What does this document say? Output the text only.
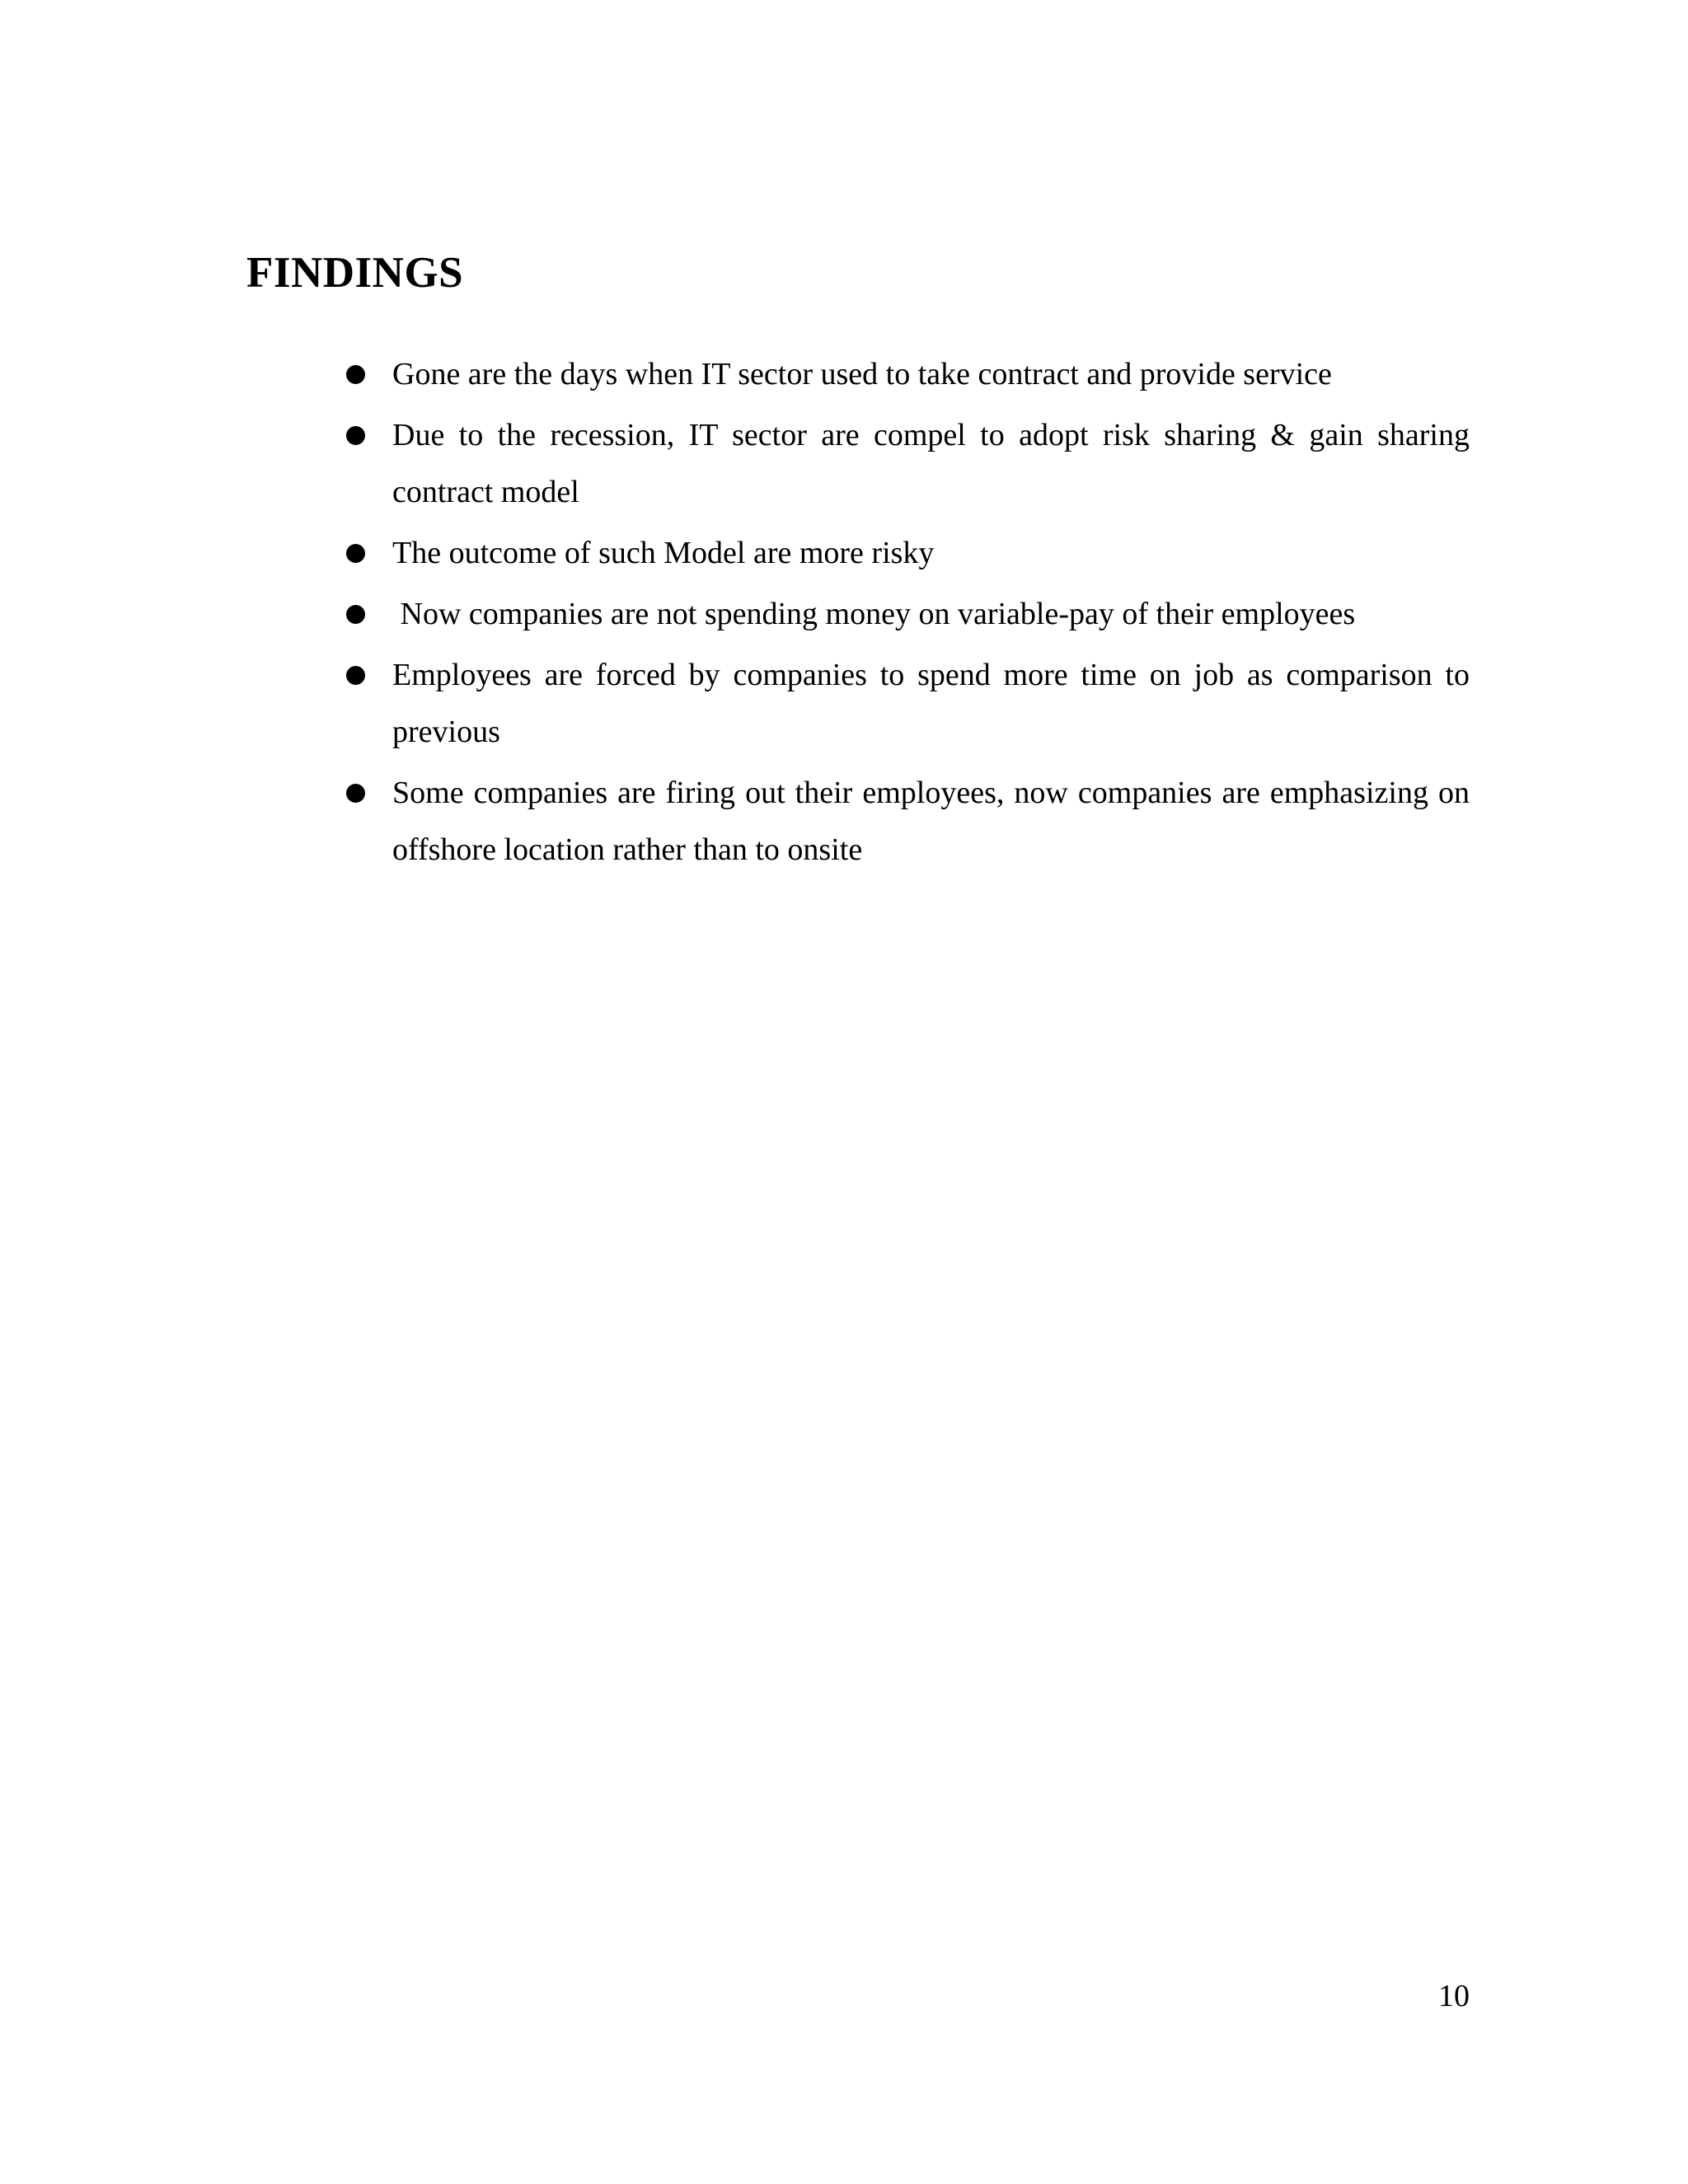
FINDINGS
Gone are the days when IT sector used to take contract and provide service
Due to the recession, IT sector are compel to adopt risk sharing & gain sharing contract model
The outcome of such Model are more risky
Now companies are not spending money on variable-pay of their employees
Employees are forced by companies to spend more time on job as comparison to previous
Some companies are firing out their employees, now companies are emphasizing on offshore location rather than to onsite
10
